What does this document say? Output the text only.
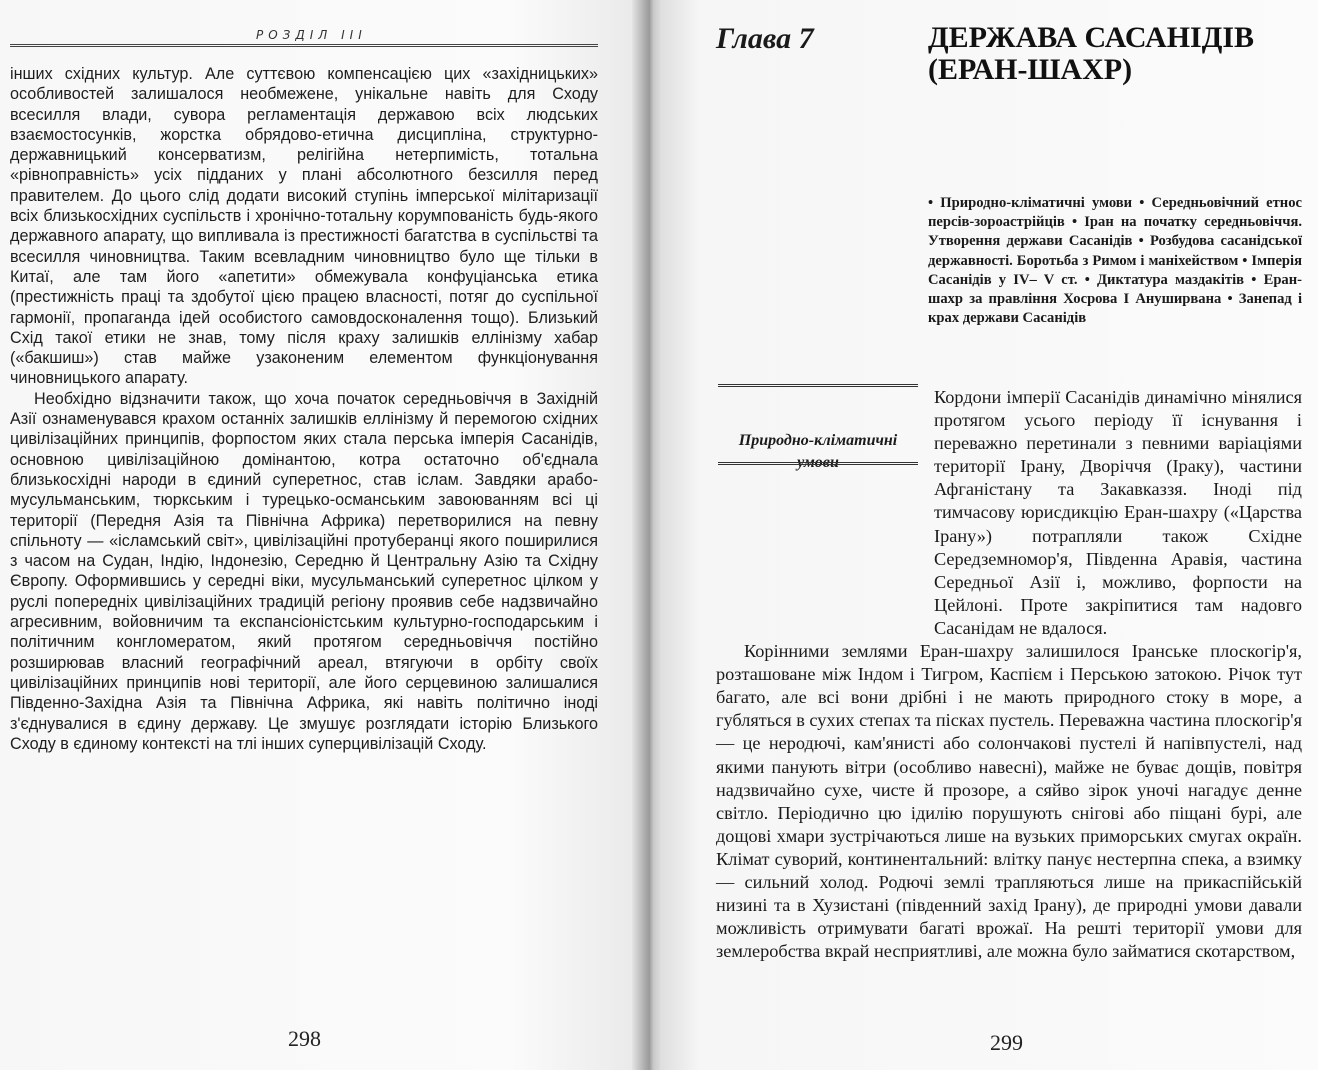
РОЗДІЛ III

інших східних культур. Але суттєвою компенсацією цих «західницьких» особливостей залишалося необмежене, унікальне навіть для Сходу всесилля влади, сувора регламентація державою всіх людських взаємостосунків, жорстка обрядово-етична дисципліна, структурно-державницький консерватизм, релігійна нетерпимість, тотальна «рівноправність» усіх підданих у плані абсолютного безсилля перед правителем. До цього слід додати високий ступінь імперської мілітаризації всіх близькосхідних суспільств і хронічно-тотальну корумпованість будь-якого державного апарату, що випливала із престижності багатства в суспільстві та всесилля чиновництва. Таким всевладним чиновництво було ще тільки в Китаї, але там його «апетити» обмежувала конфуціанська етика (престижність праці та здобутої цією працею власності, потяг до суспільної гармонії, пропаганда ідей особистого самовдосконалення тощо). Близький Схід такої етики не знав, тому після краху залишків еллінізму хабар («бакшиш») став майже узаконеним елементом функціонування чиновницького апарату.

Необхідно відзначити також, що хоча початок середньовіччя в Західній Азії ознаменувався крахом останніх залишків еллінізму й перемогою східних цивілізаційних принципів, форпостом яких стала перська імперія Сасанідів, основною цивілізаційною домінантою, котра остаточно об'єднала близькосхідні народи в єдиний суперетнос, став іслам. Завдяки арабо-мусульманським, тюркським і турецько-османським завоюванням всі ці території (Передня Азія та Північна Африка) перетворилися на певну спільноту — «ісламський світ», цивілізаційні протуберанці якого поширилися з часом на Судан, Індію, Індонезію, Середню й Центральну Азію та Східну Європу. Оформившись у середні віки, мусульманський суперетнос цілком у руслі попередніх цивілізаційних традицій регіону проявив себе надзвичайно агресивним, войовничим та експансіоністським культурно-господарським і політичним конгломератом, який протягом середньовіччя постійно розширював власний географічний ареал, втягуючи в орбіту своїх цивілізаційних принципів нові території, але його серцевиною залишалися Південно-Західна Азія та Північна Африка, які навіть політично іноді з'єднувалися в єдину державу. Це змушує розглядати історію Близького Сходу в єдиному контексті на тлі інших суперцивілізацій Сходу.

298
Глава 7	ДЕРЖАВА САСАНІДІВ
(ЕРАН-ШАХР)
• Природно-кліматичні умови • Середньовічний етнос персів-зороастрійців • Іран на початку середньовіччя. Утворення держави Сасанідів • Розбудова сасанідської державності. Боротьба з Римом і маніхейством • Імперія Сасанідів у IV– V ст. • Диктатура маздакітів • Еран-шахр за правління Хосрова I Ануширвана • Занепад і крах держави Сасанідів
Природно-кліматичні умови

Кордони імперії Сасанідів динамічно мінялися протягом усього періоду її існування і переважно перетинали з певними варіаціями території Ірану, Дворіччя (Іраку), частини Афганістану та Закавказзя. Іноді під тимчасову юрисдикцію Еран-шахру («Царства Ірану») потрапляли також Східне Середземномор'я, Південна Аравія, частина Середньої Азії і, можливо, форпости на Цейлоні. Проте закріпитися там надовго Сасанідам не вдалося.

Корінними землями Еран-шахру залишилося Іранське плоскогір'я, розташоване між Індом і Тигром, Каспієм і Перською затокою. Річок тут багато, але всі вони дрібні і не мають природного стоку в море, а губляться в сухих степах та пісках пустель. Переважна частина плоскогір'я — це неродючі, кам'янисті або солончакові пустелі й напівпустелі, над якими панують вітри (особливо навесні), майже не буває дощів, повітря надзвичайно сухе, чисте й прозоре, а сяйво зірок уночі нагадує денне світло. Періодично цю ідилію порушують снігові або піщані бурі, але дощові хмари зустрічаються лише на вузьких приморських смугах окраїн. Клімат суворий, континентальний: влітку панує нестерпна спека, а взимку — сильний холод. Родючі землі трапляються лише на прикаспійській низині та в Хузистані (південний захід Ірану), де природні умови давали можливість отримувати багаті врожаї. На решті території умови для землеробства вкрай несприятливі, але можна було займатися скотарством,

299
